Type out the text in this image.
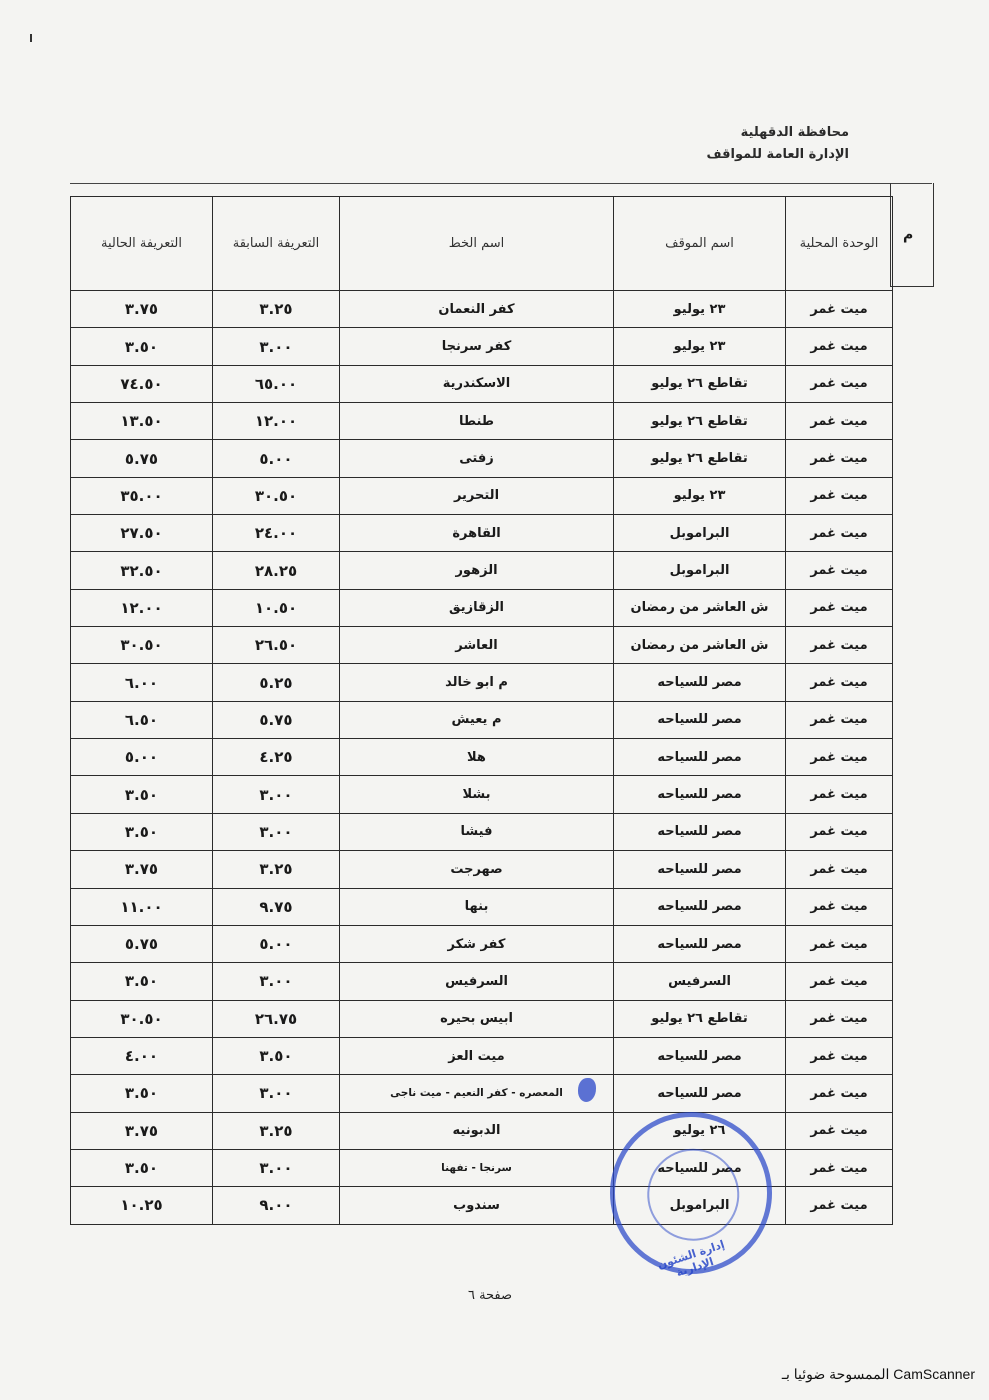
محافظة الدقهلية
الإدارة العامة للمواقف
م
الوحدة المحلية	اسم الموقف	اسم الخط	التعريفة السابقة	التعريفة الحالية
ميت غمر	٢٣ يوليو	كفر النعمان	٣.٢٥	٣.٧٥
ميت غمر	٢٣ يوليو	كفر سرنجا	٣.٠٠	٣.٥٠
ميت غمر	تقاطع ٢٦ يوليو	الاسكندرية	٦٥.٠٠	٧٤.٥٠
ميت غمر	تقاطع ٢٦ يوليو	طنطا	١٢.٠٠	١٣.٥٠
ميت غمر	تقاطع ٢٦ يوليو	زفتى	٥.٠٠	٥.٧٥
ميت غمر	٢٣ يوليو	التحرير	٣٠.٥٠	٣٥.٠٠
ميت غمر	البراموبل	القاهرة	٢٤.٠٠	٢٧.٥٠
ميت غمر	البراموبل	الزهور	٢٨.٢٥	٣٢.٥٠
ميت غمر	ش العاشر من رمضان	الزقازيق	١٠.٥٠	١٢.٠٠
ميت غمر	ش العاشر من رمضان	العاشر	٢٦.٥٠	٣٠.٥٠
ميت غمر	مصر للسياحه	م ابو خالد	٥.٢٥	٦.٠٠
ميت غمر	مصر للسياحه	م يعيش	٥.٧٥	٦.٥٠
ميت غمر	مصر للسياحه	هلا	٤.٢٥	٥.٠٠
ميت غمر	مصر للسياحه	بشلا	٣.٠٠	٣.٥٠
ميت غمر	مصر للسياحه	فيشا	٣.٠٠	٣.٥٠
ميت غمر	مصر للسياحه	صهرجت	٣.٢٥	٣.٧٥
ميت غمر	مصر للسياحه	بنها	٩.٧٥	١١.٠٠
ميت غمر	مصر للسياحه	كفر شكر	٥.٠٠	٥.٧٥
ميت غمر	السرفيس	السرفيس	٣.٠٠	٣.٥٠
ميت غمر	تقاطع ٢٦ يوليو	ابيس بحيره	٢٦.٧٥	٣٠.٥٠
ميت غمر	مصر للسياحه	ميت العز	٣.٥٠	٤.٠٠
ميت غمر	مصر للسياحه	المعصره - كفر النعيم - ميت ناجى	٣.٠٠	٣.٥٠
ميت غمر	٢٦ يوليو	الدبونيه	٣.٢٥	٣.٧٥
ميت غمر	مصر للسياحه	سرنجا - تفهنا	٣.٠٠	٣.٥٠
ميت غمر	البراموبل	سندوب	٩.٠٠	١٠.٢٥
إدارة الشئون الإدارية
صفحة ٦
الممسوحة ضوئيا بـ CamScanner
